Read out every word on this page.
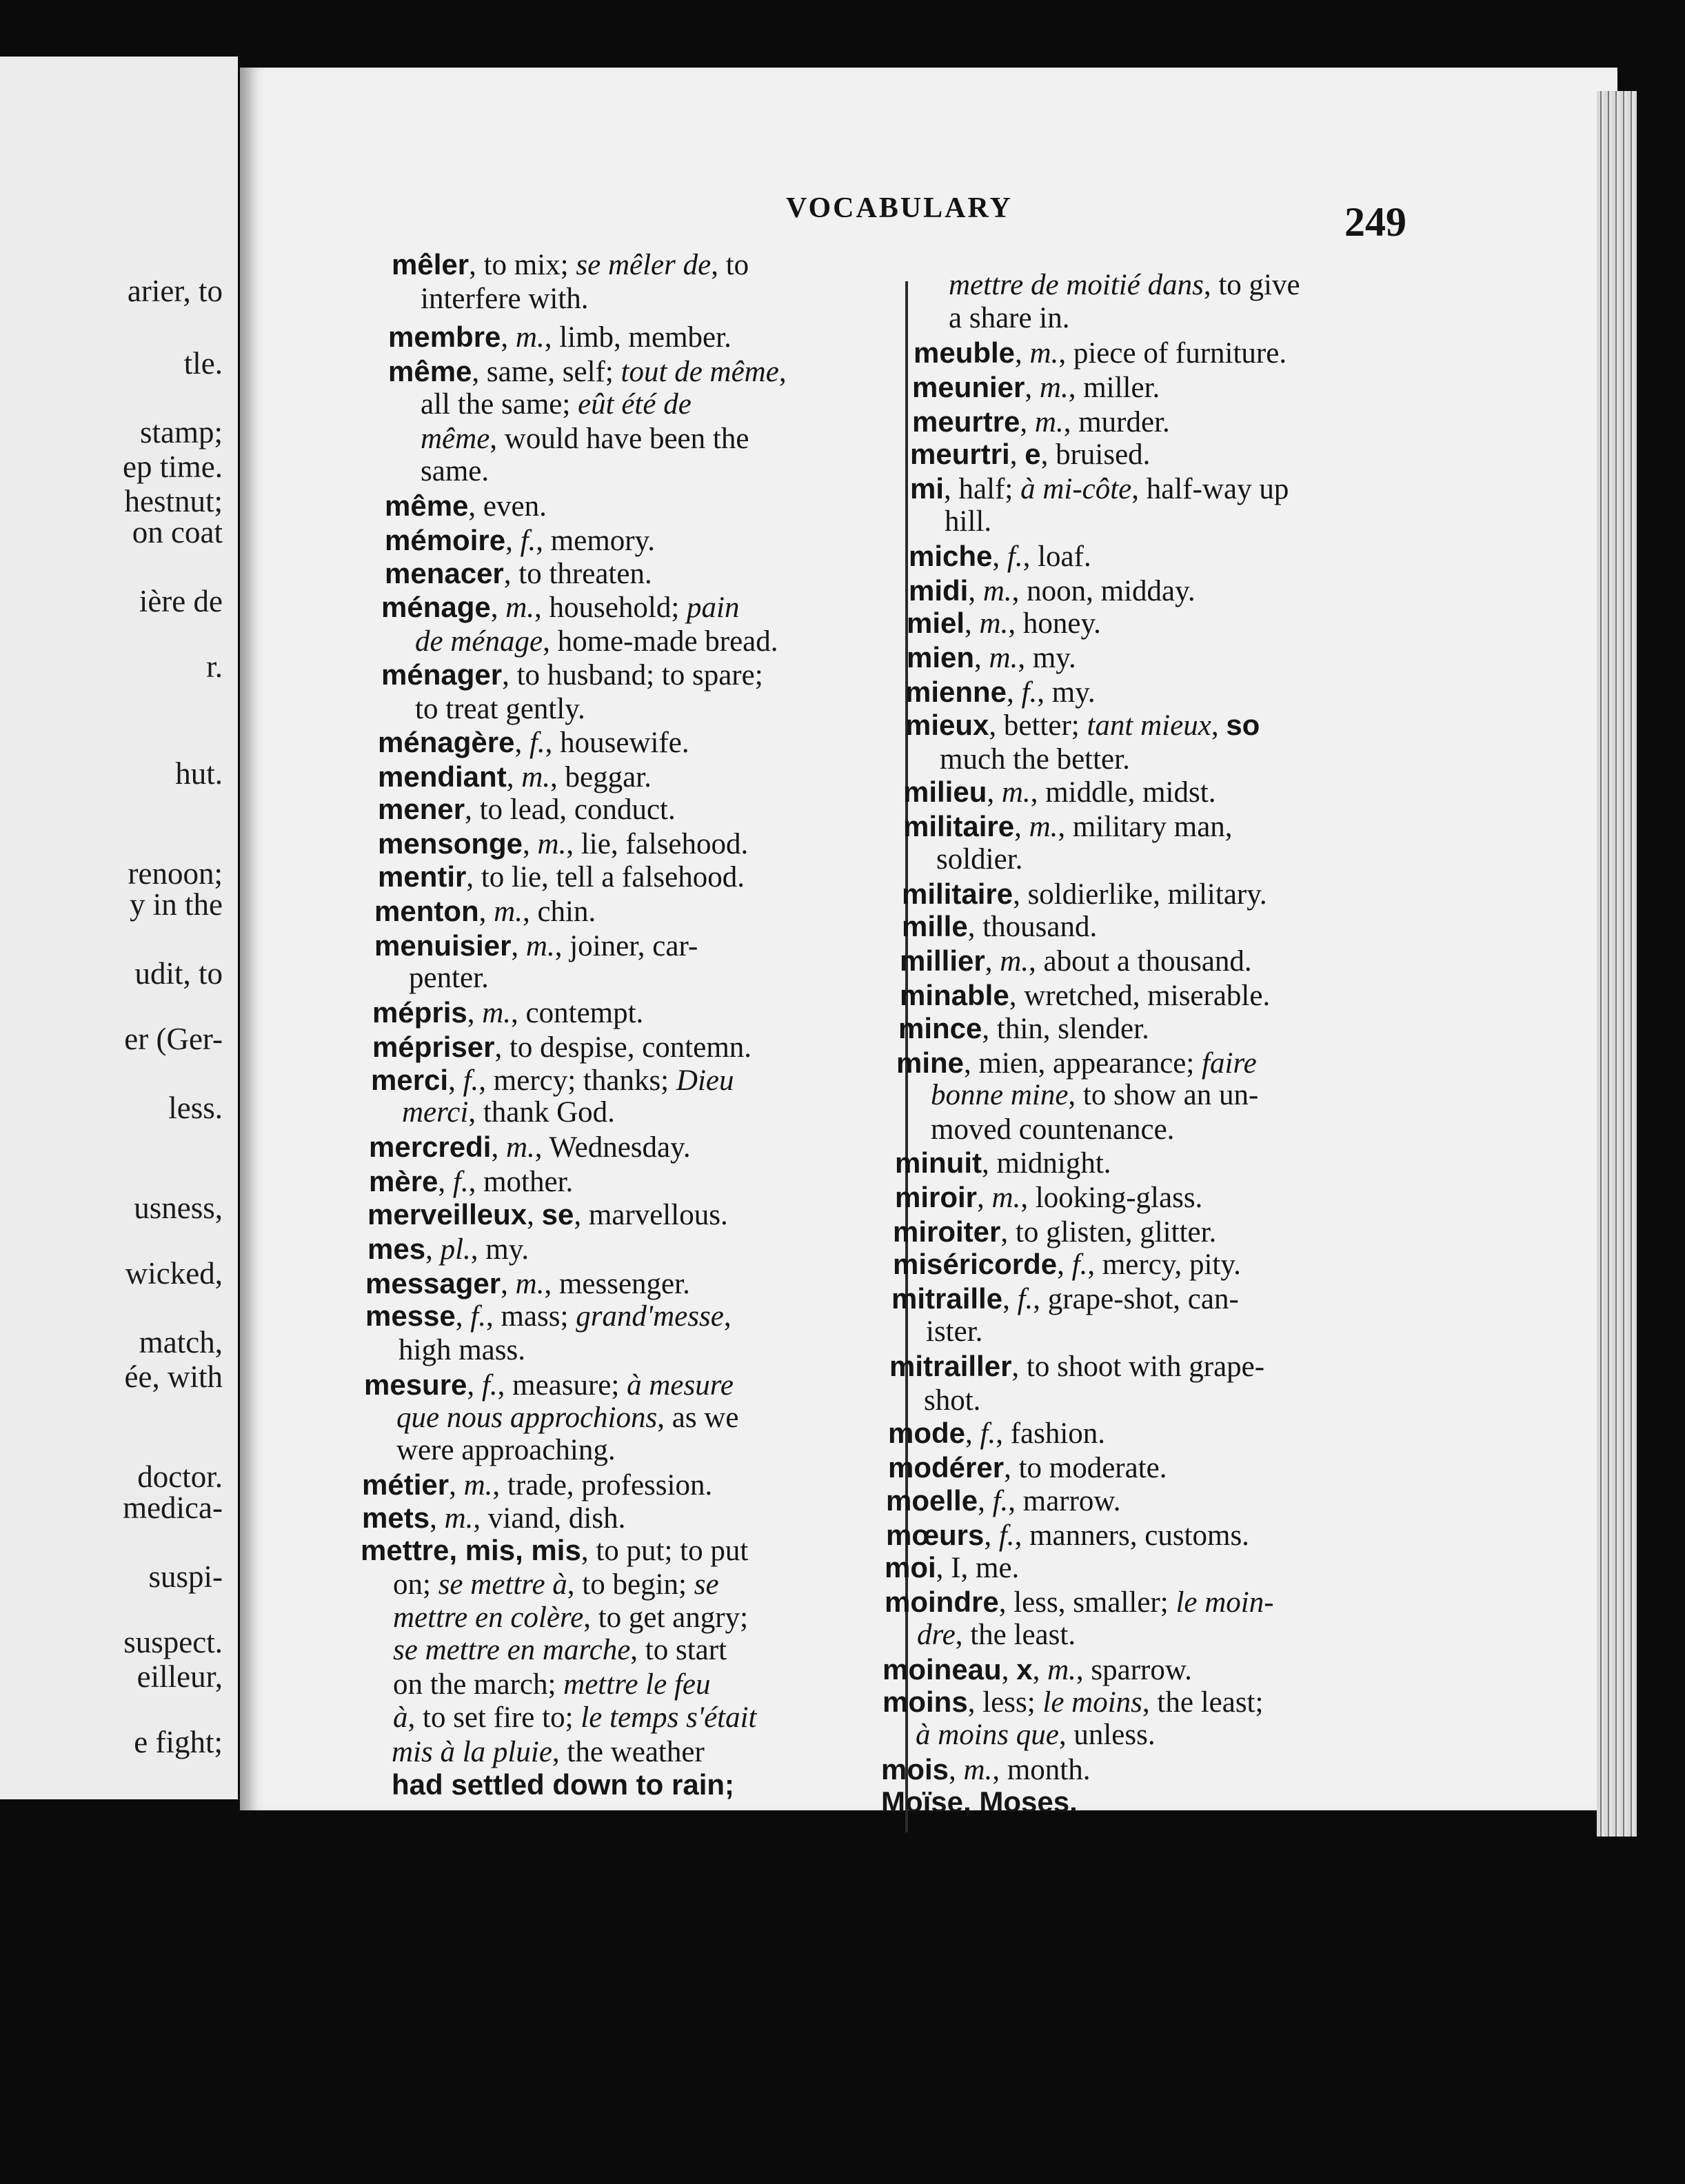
arier, to
tle.
stamp;
ep time.
hestnut;
on coat
ière de
r.
hut.
renoon;
y in the
udit, to
er (Ger-
less.
usness,
wicked,
match,
ée, with
doctor.
medica-
suspi-
suspect.
eilleur,
e fight;
VOCABULARY	249
mêler, to mix; se mêler de, to
interfere with.
membre, m., limb, member.
même, same, self; tout de même,
all the same; eût été de
même, would have been the
same.
même, even.
mémoire, f., memory.
menacer, to threaten.
ménage, m., household; pain
de ménage, home-made bread.
ménager, to husband; to spare;
to treat gently.
ménagère, f., housewife.
mendiant, m., beggar.
mener, to lead, conduct.
mensonge, m., lie, falsehood.
mentir, to lie, tell a falsehood.
menton, m., chin.
menuisier, m., joiner, car-
penter.
mépris, m., contempt.
mépriser, to despise, contemn.
merci, f., mercy; thanks; Dieu
merci, thank God.
mercredi, m., Wednesday.
mère, f., mother.
merveilleux, se, marvellous.
mes, pl., my.
messager, m., messenger.
messe, f., mass; grand'messe,
high mass.
mesure, f., measure; à mesure
que nous approchions, as we
were approaching.
métier, m., trade, profession.
mets, m., viand, dish.
mettre, mis, mis, to put; to put
on; se mettre à, to begin; se
mettre en colère, to get angry;
se mettre en marche, to start
on the march; mettre le feu
à, to set fire to; le temps s'était
mis à la pluie, the weather
had settled down to rain;
mettre de moitié dans, to give
a share in.
meuble, m., piece of furniture.
meunier, m., miller.
meurtre, m., murder.
meurtri, e, bruised.
mi, half; à mi-côte, half-way up
hill.
miche, f., loaf.
midi, m., noon, midday.
miel, m., honey.
mien, m., my.
mienne, f., my.
mieux, better; tant mieux, so
much the better.
milieu, m., middle, midst.
militaire, m., military man,
soldier.
militaire, soldierlike, military.
mille, thousand.
millier, m., about a thousand.
minable, wretched, miserable.
mince, thin, slender.
mine, mien, appearance; faire
bonne mine, to show an un-
moved countenance.
minuit, midnight.
miroir, m., looking-glass.
miroiter, to glisten, glitter.
miséricorde, f., mercy, pity.
mitraille, f., grape-shot, can-
ister.
mitrailler, to shoot with grape-
shot.
mode, f., fashion.
modérer, to moderate.
moelle, f., marrow.
mœurs, f., manners, customs.
moi, I, me.
moindre, less, smaller; le moin-
dre, the least.
moineau, x, m., sparrow.
moins, less; le moins, the least;
à moins que, unless.
mois, m., month.
Moïse, Moses.
